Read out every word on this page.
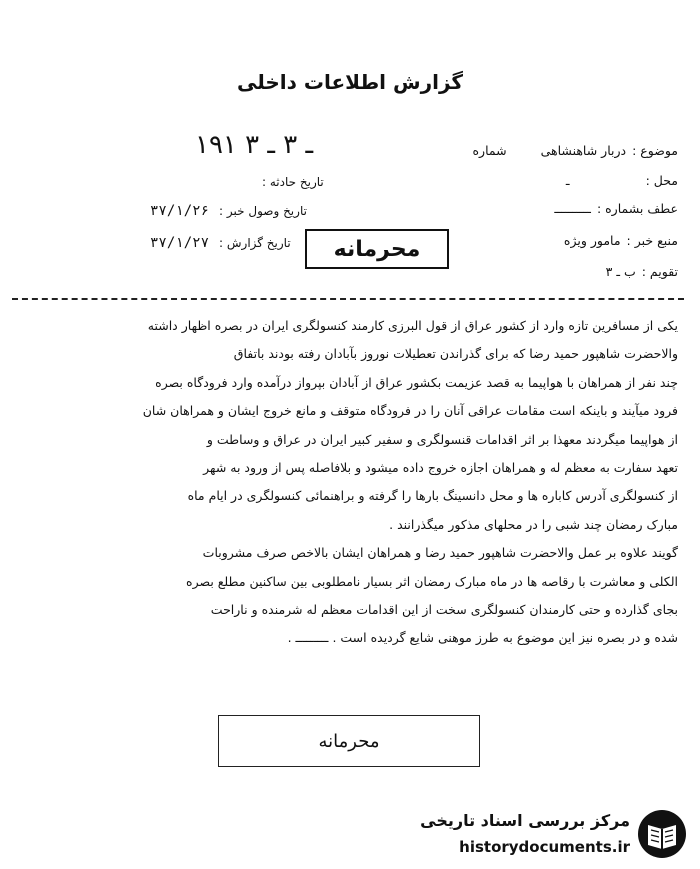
گزارش اطلاعات داخلی
۱۹۱ ـ ۳ ـ ۳	موضوع :
دربار شاهنشاهی
شماره
محل :
ـ
تاریخ حادثه :
عطف بشماره :
ــــــــــ
تاریخ وصول خبر :
۳۷/۱/۲۶
منبع خبر :
مامور ویژه
تاریخ گزارش :
۳۷/۱/۲۷	محرمانه
تقویم :
ب ـ ۳

یکی از مسافرین تازه وارد از کشور عراق از قول البرزی کارمند کنسولگری ایران در بصره اظهار داشته

والاحضرت شاهپور حمید رضا که برای گذراندن تعطیلات نوروز بآبادان رفته بودند باتفاق

چند نفر از همراهان با هواپیما به قصد عزیمت بکشور عراق از آبادان بپرواز درآمده وارد فرودگاه بصره

فرود میآیند و باینکه است مقامات عراقی آنان را در فرودگاه متوقف و مانع خروج ایشان و همراهان شان

از هواپیما میگردند معهذا بر اثر اقدامات قنسولگری و سفیر کبیر ایران در عراق و وساطت و

تعهد سفارت به معظم له و همراهان اجازه خروج داده میشود و بلافاصله پس از ورود به شهر

از کنسولگری آدرس کاباره ها و محل دانسینگ بارها را گرفته و براهنمائی کنسولگری در ایام ماه

مبارک رمضان چند شبی را در محلهای مذکور میگذرانند .

گویند علاوه بر عمل والاحضرت شاهپور حمید رضا و همراهان ایشان بالاخص صرف مشروبات

الکلی و معاشرت با رقاصه ها در ماه مبارک رمضان اثر بسیار نامطلوبی بین ساکنین مطلع بصره

بجای گذارده و حتی کارمندان کنسولگری سخت از این اقدامات معظم له شرمنده و ناراحت

شده و در بصره نیز این موضوع به طرز موهنی شایع گردیده است . ـــــــــ .

محرمانه
مرکز بررسی اسناد تاریخی
historydocuments.ir
